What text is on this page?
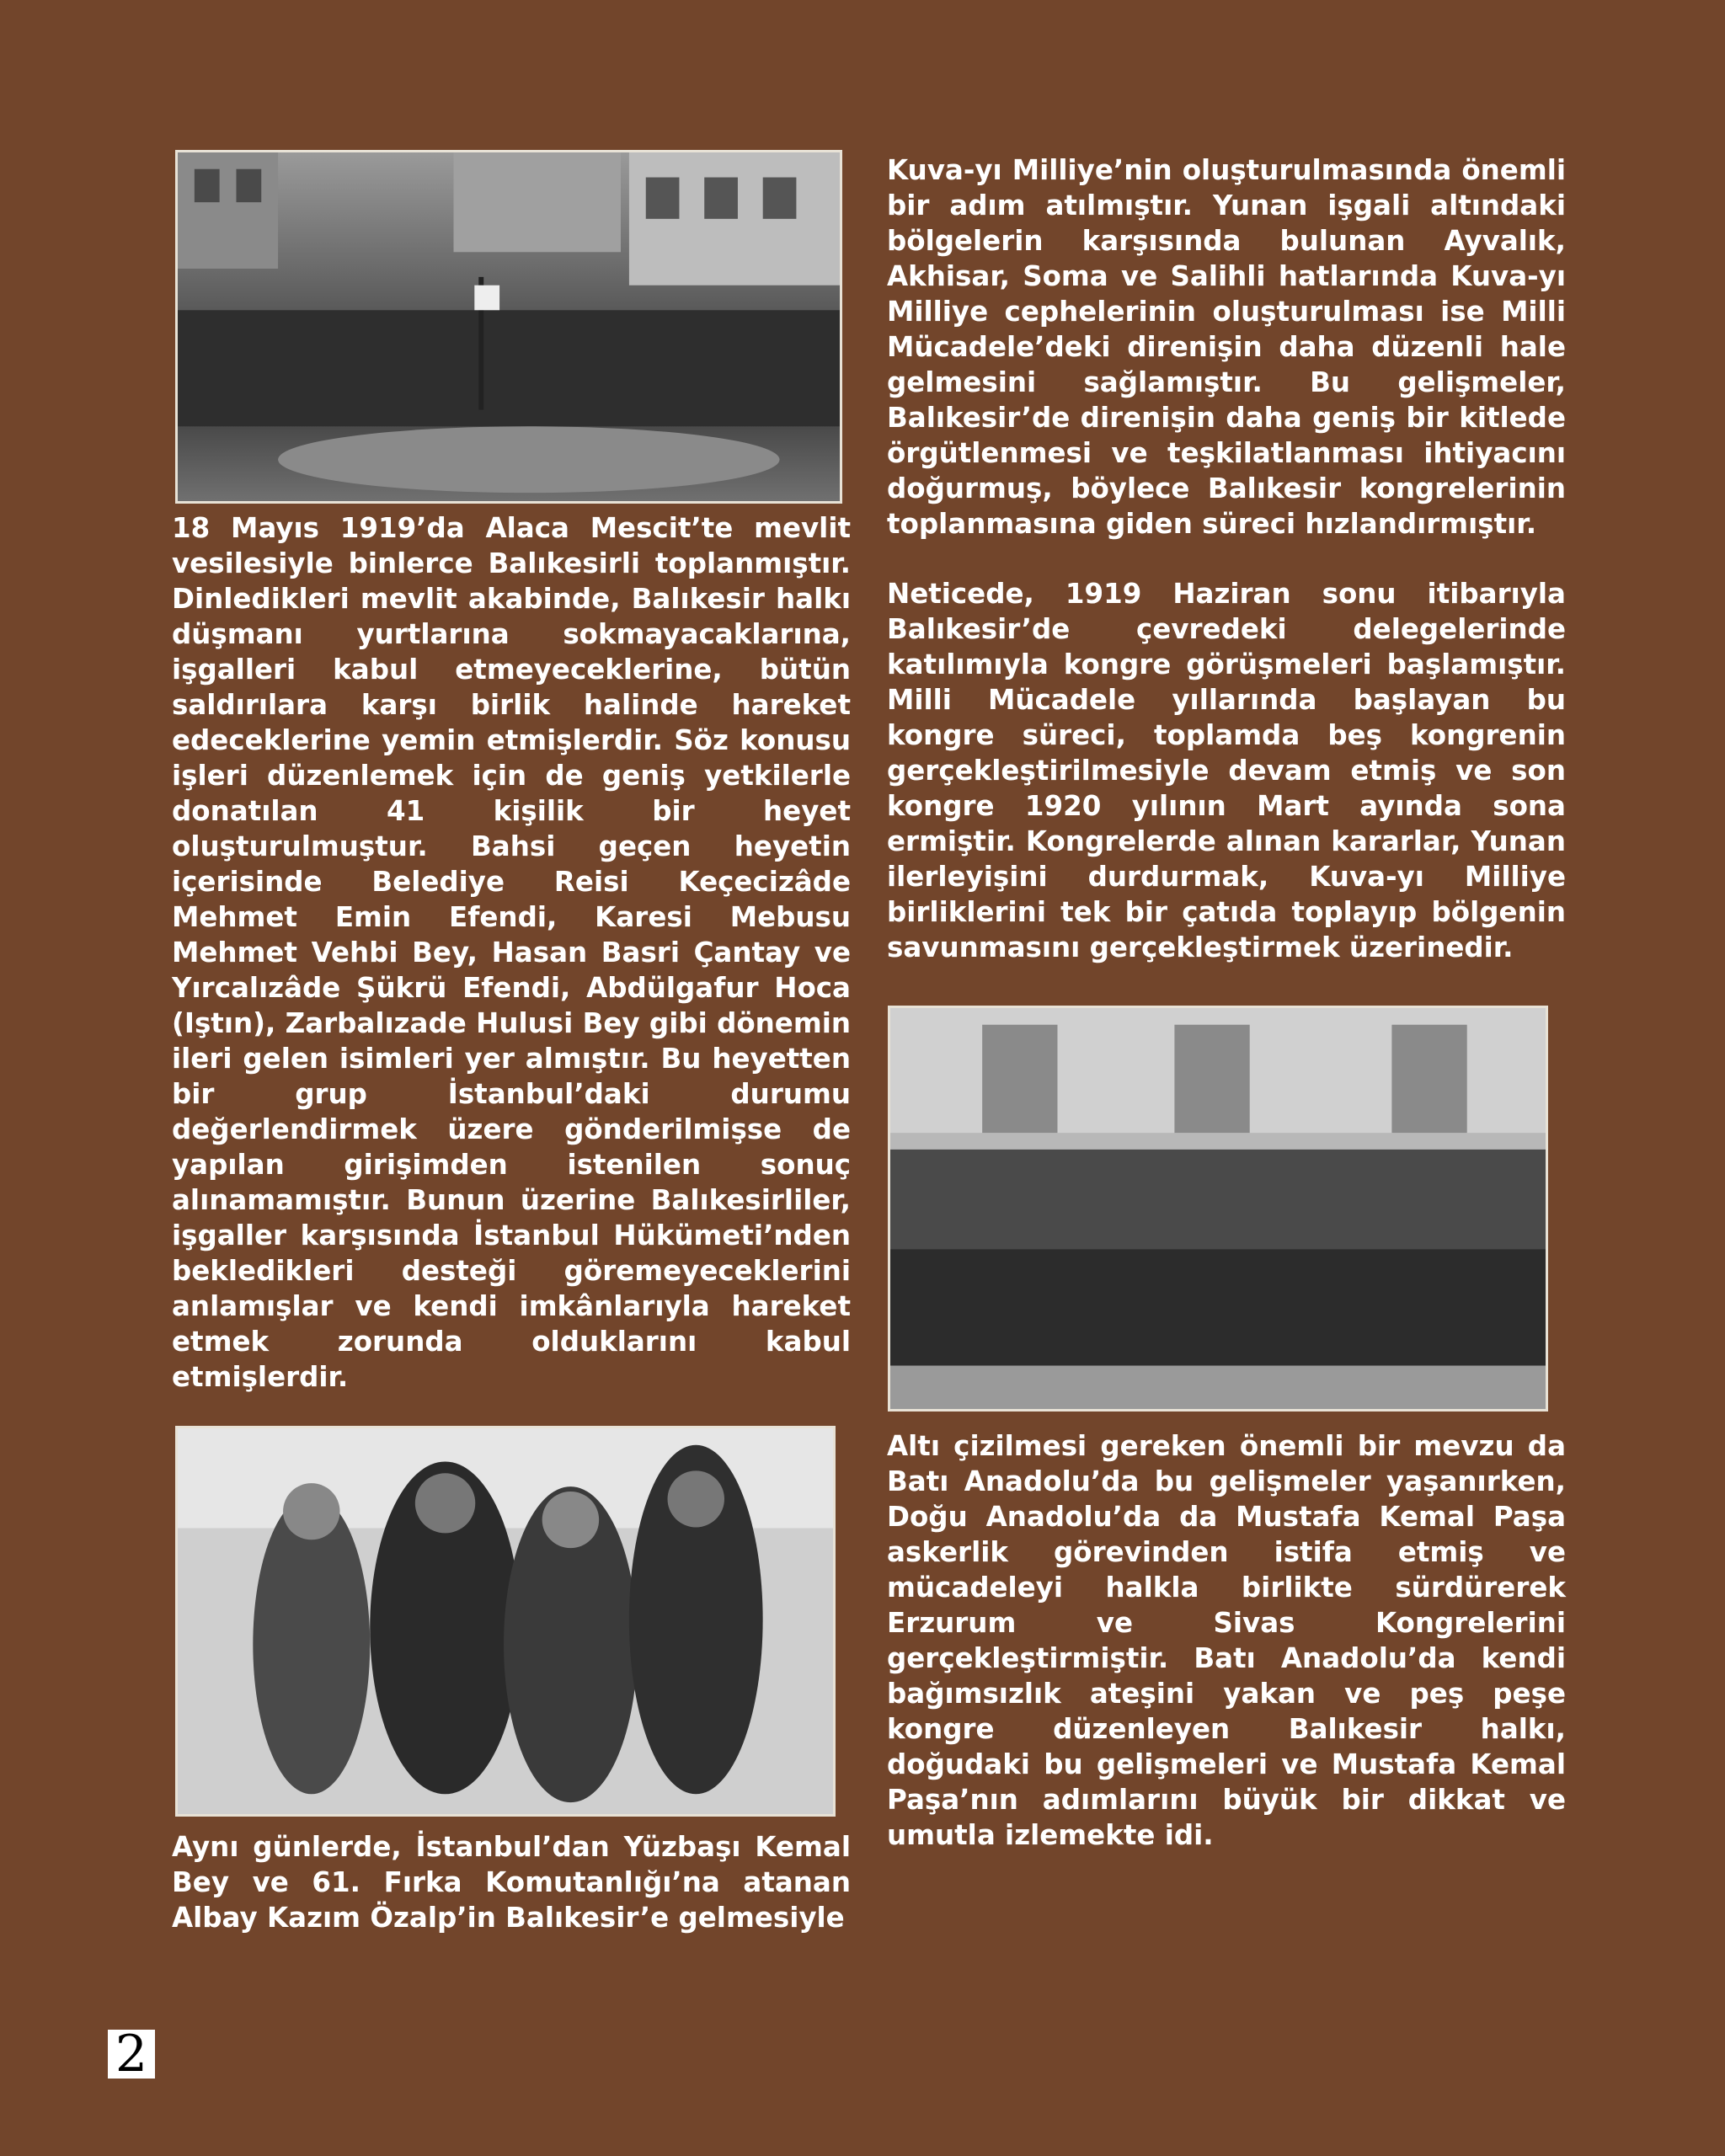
18 Mayıs 1919’da Alaca Mescit’te mevlit vesilesiyle binlerce Balıkesirli toplanmıştır. Dinledikleri mevlit akabinde, Balıkesir halkı düşmanı yurtlarına sokmayacaklarına, işgalleri kabul etmeyeceklerine, bütün saldırılara karşı birlik halinde hareket edeceklerine yemin etmişlerdir. Söz konusu işleri düzenlemek için de geniş yetkilerle donatılan 41 kişilik bir heyet oluşturulmuştur. Bahsi geçen heyetin içerisinde Belediye Reisi Keçecizâde Mehmet Emin Efendi, Karesi Mebusu Mehmet Vehbi Bey, Hasan Basri Çantay ve Yırcalızâde Şükrü Efendi, Abdülgafur Hoca (Iştın), Zarbalızade Hulusi Bey gibi dönemin ileri gelen isimleri yer almıştır. Bu heyetten bir grup İstanbul’daki durumu değerlendirmek üzere gönderilmişse de yapılan girişimden istenilen sonuç alınamamıştır. Bunun üzerine Balıkesirliler, işgaller karşısında İstanbul Hükümeti’nden bekledikleri desteği göremeyeceklerini anlamışlar ve kendi imkânlarıyla hareket etmek zorunda olduklarını kabul etmişlerdir.

Aynı günlerde, İstanbul’dan Yüzbaşı Kemal Bey ve 61. Fırka Komutanlığı’na atanan Albay Kazım Özalp’in Balıkesir’e gelmesiyle

Kuva-yı Milliye’nin oluşturulmasında önemli bir adım atılmıştır. Yunan işgali altındaki bölgelerin karşısında bulunan Ayvalık, Akhisar, Soma ve Salihli hatlarında Kuva-yı Milliye cephelerinin oluşturulması ise Milli Mücadele’deki direnişin daha düzenli hale gelmesini sağlamıştır. Bu gelişmeler, Balıkesir’de direnişin daha geniş bir kitlede örgütlenmesi ve teşkilatlanması ihtiyacını doğurmuş, böylece Balıkesir kongrelerinin toplanmasına giden süreci hızlandırmıştır.

Neticede, 1919 Haziran sonu itibarıyla Balıkesir’de çevredeki delegelerinde katılımıyla kongre görüşmeleri başlamıştır. Milli Mücadele yıllarında başlayan bu kongre süreci, toplamda beş kongrenin gerçekleştirilmesiyle devam etmiş ve son kongre 1920 yılının Mart ayında sona ermiştir. Kongrelerde alınan kararlar, Yunan ilerleyişini durdurmak, Kuva-yı Milliye birliklerini tek bir çatıda toplayıp bölgenin savunmasını gerçekleştirmek üzerinedir.

Altı çizilmesi gereken önemli bir mevzu da Batı Anadolu’da bu gelişmeler yaşanırken, Doğu Anadolu’da da Mustafa Kemal Paşa askerlik görevinden istifa etmiş ve mücadeleyi halkla birlikte sürdürerek Erzurum ve Sivas Kongrelerini gerçekleştirmiştir. Batı Anadolu’da kendi bağımsızlık ateşini yakan ve peş peşe kongre düzenleyen Balıkesir halkı, doğudaki bu gelişmeleri ve Mustafa Kemal Paşa’nın adımlarını büyük bir dikkat ve umutla izlemekte idi.

2
